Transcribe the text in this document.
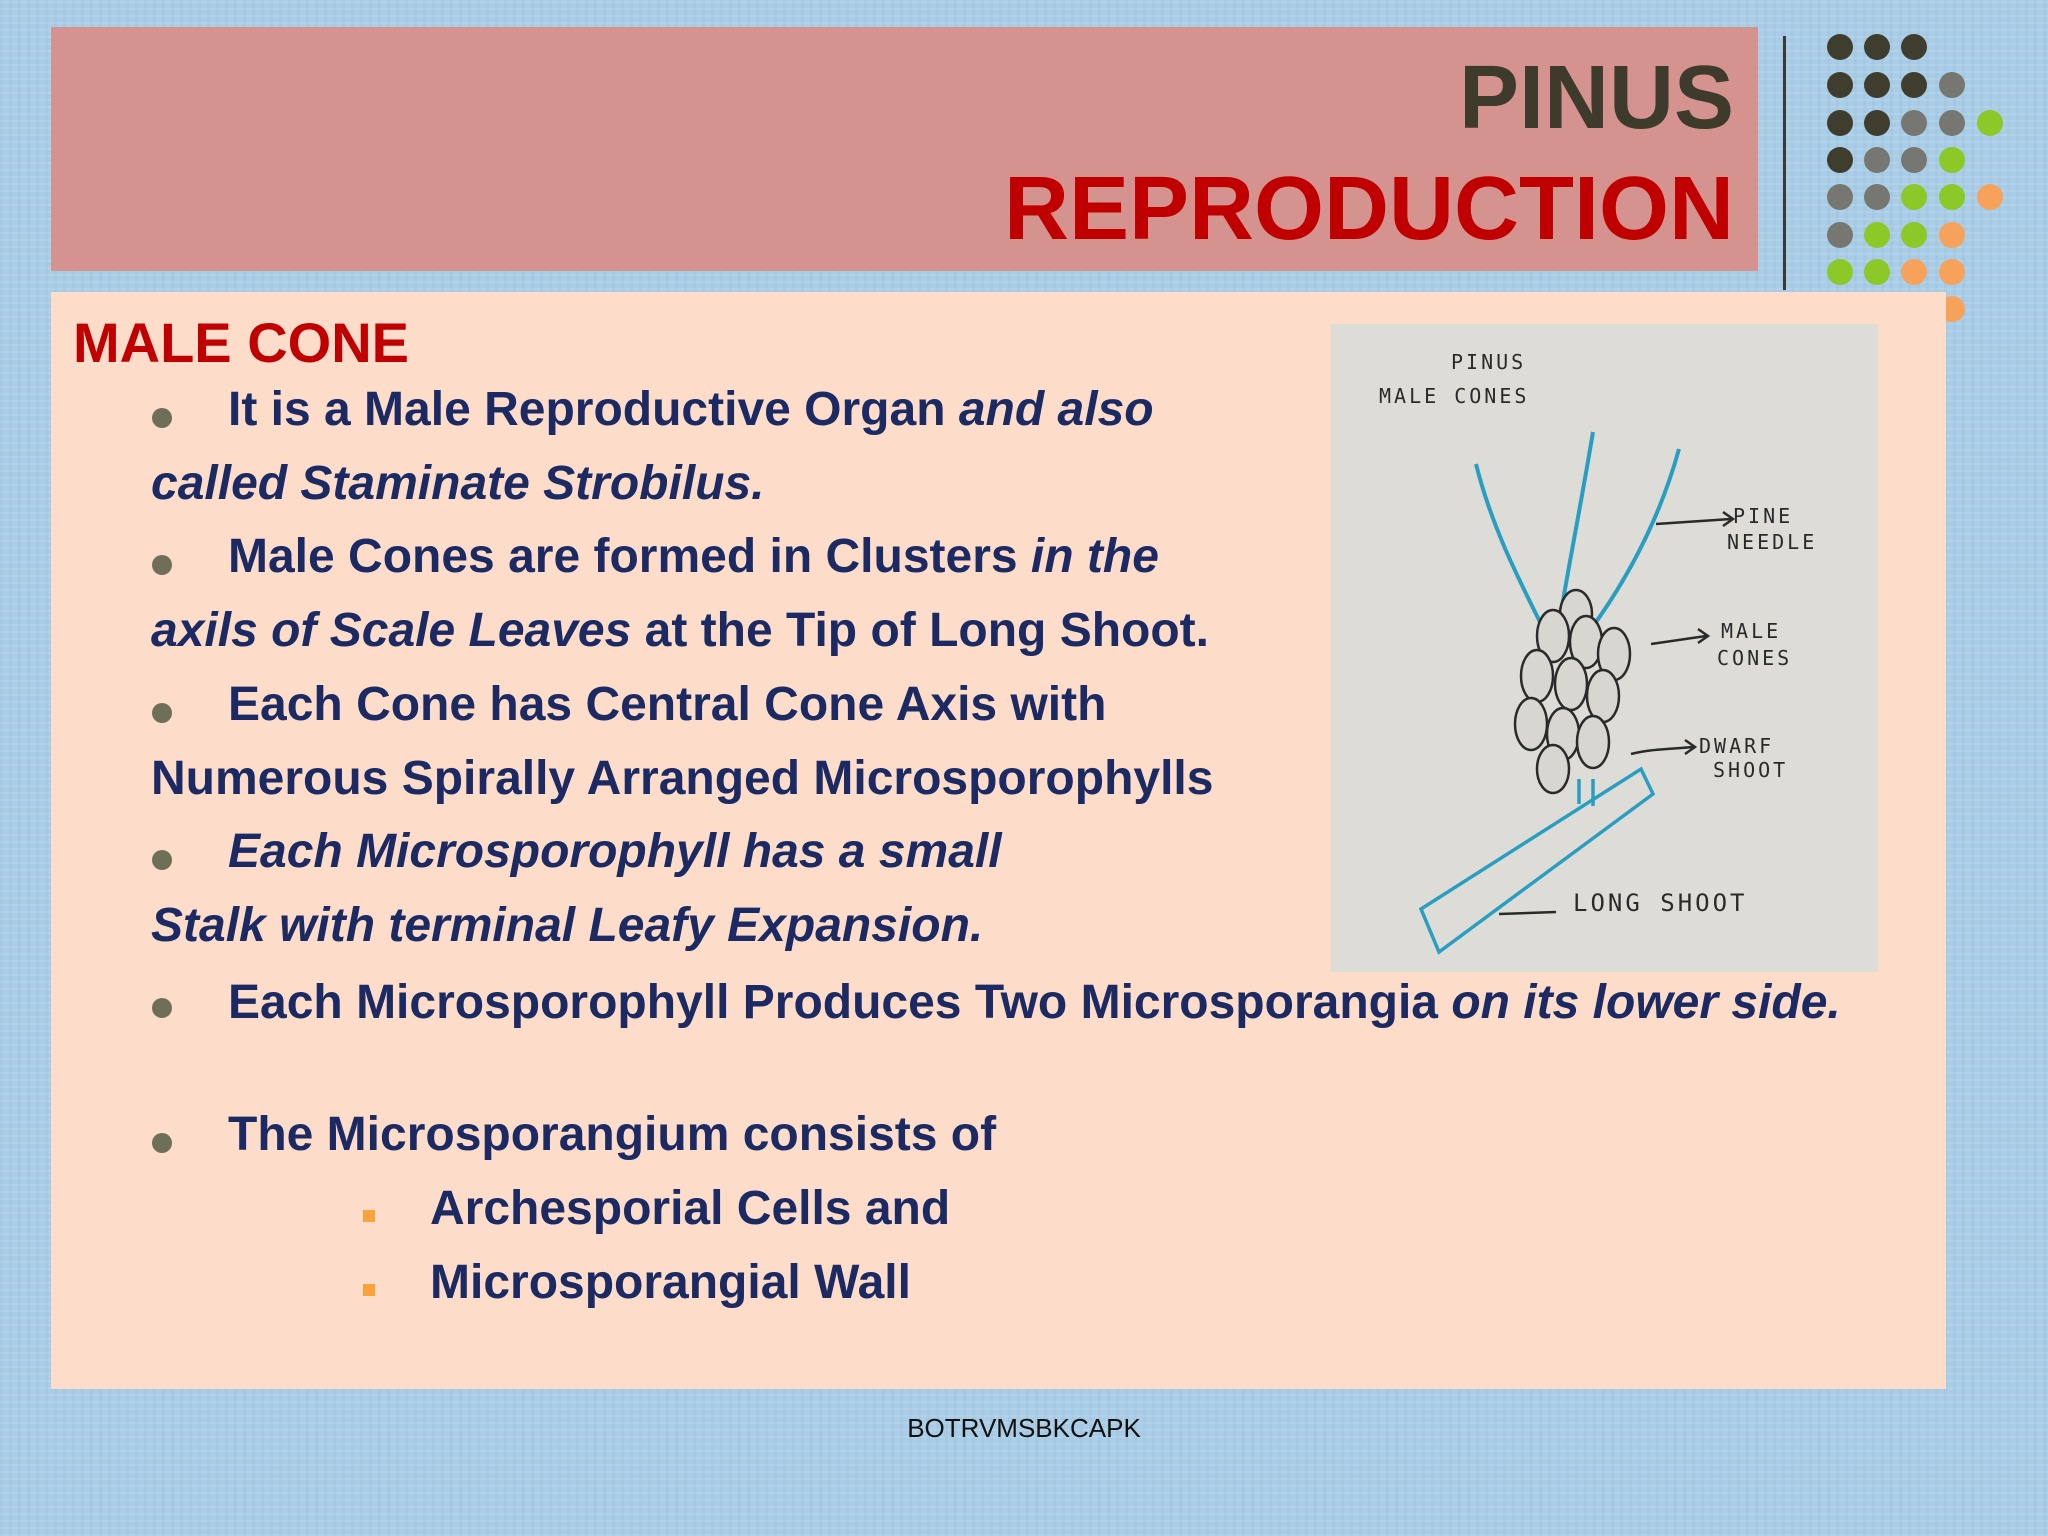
PINUS
REPRODUCTION
MALE CONE
It is a Male Reproductive Organ and also
called Staminate Strobilus.
Male Cones are formed in Clusters in the
axils of Scale Leaves at the Tip of Long Shoot.
Each Cone has Central Cone Axis with
Numerous Spirally Arranged Microsporophylls
Each Microsporophyll has a small
Stalk with terminal Leafy Expansion.
Each Microsporophyll Produces Two Microsporangia on its lower side.
The Microsporangium consists of
Archesporial Cells and
Microsporangial Wall
PINUS
MALE CONES
PINE
NEEDLE
MALE
CONES
DWARF
SHOOT
LONG SHOOT
BOTRVMSBKCAPK
